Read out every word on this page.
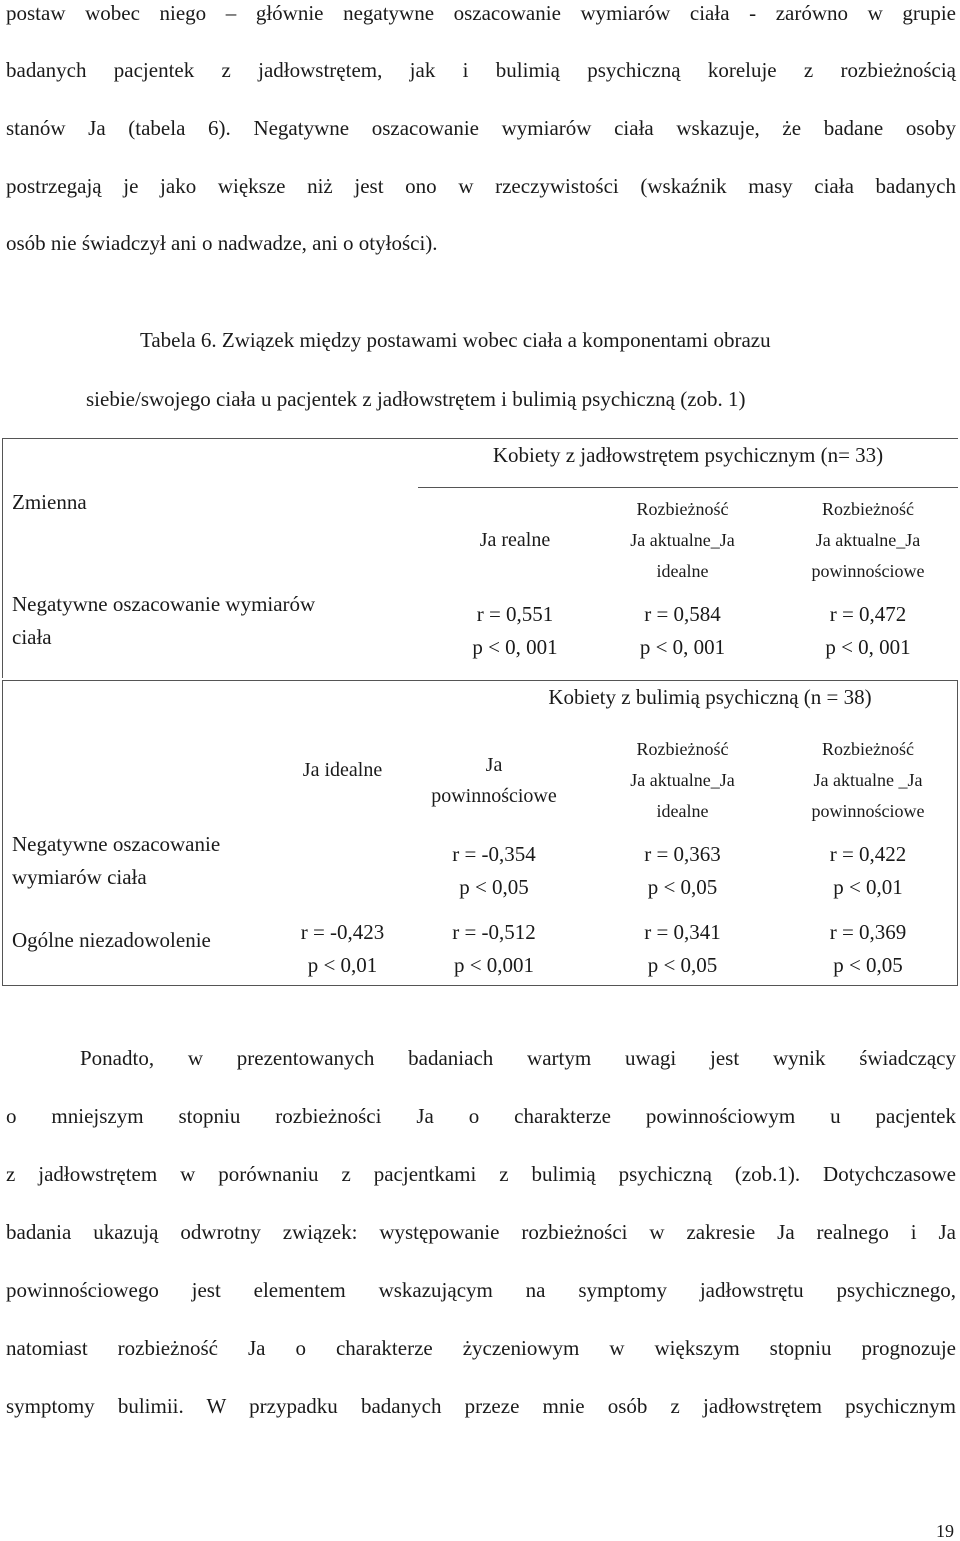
postaw wobec niego – głównie negatywne oszacowanie wymiarów ciała - zarówno w grupie
badanych pacjentek z jadłowstrętem, jak i bulimią psychiczną koreluje z rozbieżnością
stanów Ja (tabela 6). Negatywne oszacowanie wymiarów ciała wskazuje, że badane osoby
postrzegają je jako większe niż jest ono w rzeczywistości (wskaźnik masy ciała badanych
osób nie świadczył ani o nadwadze, ani o otyłości).
Tabela 6. Związek między postawami wobec ciała a komponentami obrazu
siebie/swojego ciała u pacjentek z jadłowstrętem i bulimią psychiczną (zob. 1)
Kobiety z jadłowstrętem psychicznym (n= 33)
Zmienna
Ja realne
Rozbieżność
Ja aktualne_Ja
idealne
Rozbieżność
Ja aktualne_Ja
powinnościowe
Negatywne oszacowanie wymiarów
ciała
r = 0,551
p < 0, 001
r = 0,584
p < 0, 001
r = 0,472
p < 0, 001
Kobiety z bulimią psychiczną (n = 38)
Ja idealne	Ja
powinnościowe
Rozbieżność
Ja aktualne_Ja
idealne
Rozbieżność
Ja aktualne _Ja
powinnościowe
Negatywne oszacowanie
wymiarów ciała
r = -0,354
p < 0,05
r = 0,363
p < 0,05
r = 0,422
p < 0,01
Ogólne niezadowolenie	r = -0,423
p < 0,01
r = -0,512
p < 0,001
r = 0,341
p < 0,05
r = 0,369
p < 0,05
Ponadto, w prezentowanych badaniach wartym uwagi jest wynik świadczący
o mniejszym stopniu rozbieżności Ja o charakterze powinnościowym u pacjentek
z jadłowstrętem w porównaniu z pacjentkami z bulimią psychiczną (zob.1). Dotychczasowe
badania ukazują odwrotny związek: występowanie rozbieżności w zakresie Ja realnego i Ja
powinnościowego jest elementem wskazującym na symptomy jadłowstrętu psychicznego,
natomiast rozbieżność Ja o charakterze życzeniowym w większym stopniu prognozuje
symptomy bulimii. W przypadku badanych przeze mnie osób z jadłowstrętem psychicznym
19
